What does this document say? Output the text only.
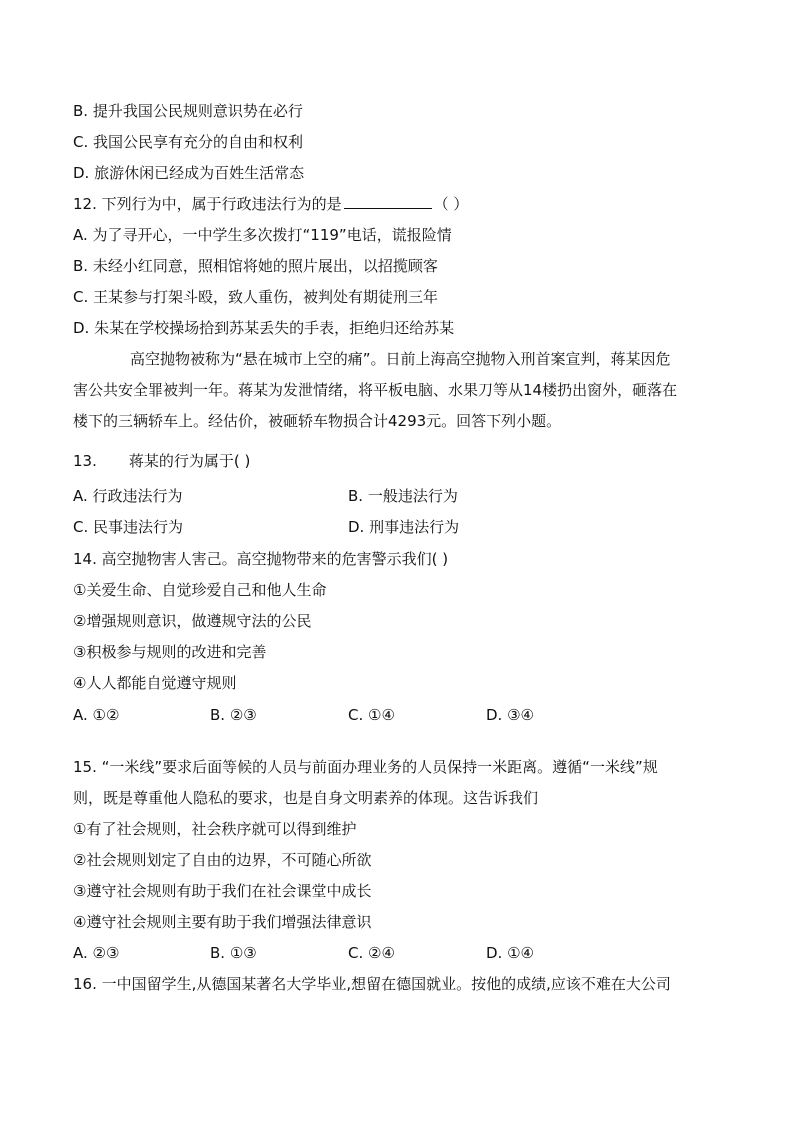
B. 提升我国公民规则意识势在必行
C. 我国公民享有充分的自由和权利
D. 旅游休闲已经成为百姓生活常态
12. 下列行为中，属于行政违法行为的是	（ ）
A. 为了寻开心，一中学生多次拨打“119”电话，谎报险情
B. 未经小红同意，照相馆将她的照片展出，以招揽顾客
C. 王某参与打架斗殴，致人重伤，被判处有期徒刑三年
D. 朱某在学校操场拾到苏某丢失的手表，拒绝归还给苏某
高空抛物被称为“悬在城市上空的痛”。日前上海高空抛物入刑首案宣判，蒋某因危
害公共安全罪被判一年。蒋某为发泄情绪，将平板电脑、水果刀等从14楼扔出窗外，砸落在
楼下的三辆轿车上。经估价，被砸轿车物损合计4293元。回答下列小题。
13. 蒋某的行为属于( )
A. 行政违法行为	B. 一般违法行为
C. 民事违法行为	D. 刑事违法行为
14. 高空抛物害人害己。高空抛物带来的危害警示我们( )
①关爱生命、自觉珍爱自己和他人生命
②增强规则意识，做遵规守法的公民
③积极参与规则的改进和完善
④人人都能自觉遵守规则
A. ①②	B. ②③	C. ①④	D. ③④
15. “一米线”要求后面等候的人员与前面办理业务的人员保持一米距离。遵循“一米线”规
则，既是尊重他人隐私的要求，也是自身文明素养的体现。这告诉我们
①有了社会规则，社会秩序就可以得到维护
②社会规则划定了自由的边界，不可随心所欲
③遵守社会规则有助于我们在社会课堂中成长
④遵守社会规则主要有助于我们增强法律意识
A. ②③	B. ①③	C. ②④	D. ①④
16. 一中国留学生,从德国某著名大学毕业,想留在德国就业。按他的成绩,应该不难在大公司
